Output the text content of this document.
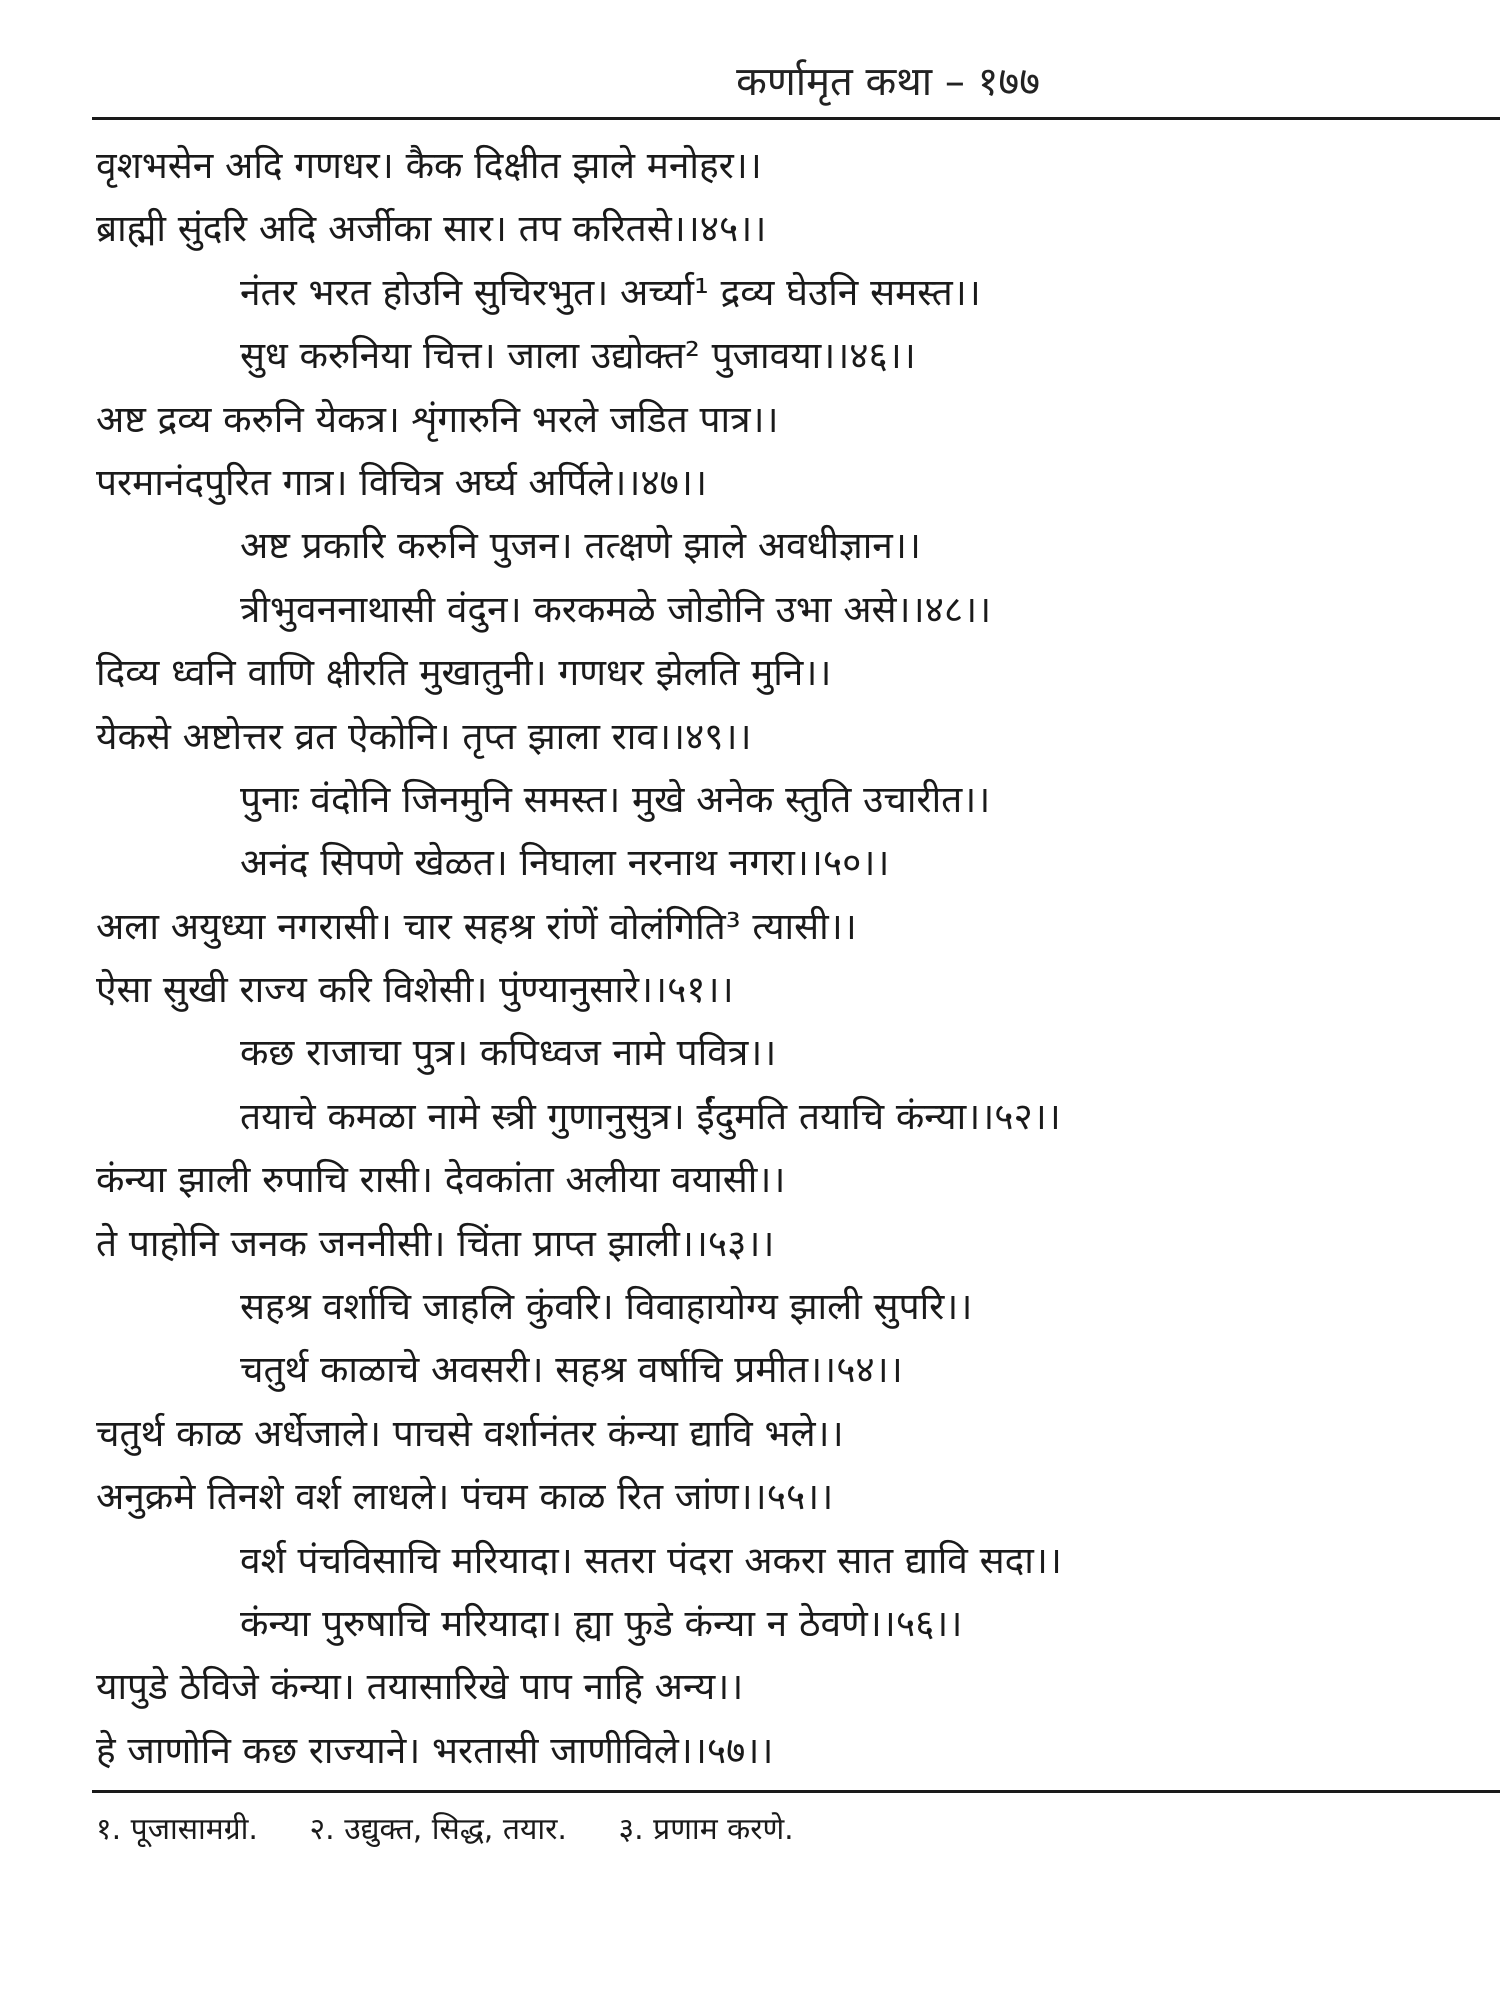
कर्णामृत कथा – १७७
वृशभसेन अदि गणधर। कैक दिक्षीत झाले मनोहर।।
ब्राह्मी सुंदरि अदि अर्जीका सार। तप करितसे।।४५।।
नंतर भरत होउनि सुचिरभुत। अर्च्या¹ द्रव्य घेउनि समस्त।।
सुध करुनिया चित्त। जाला उद्योक्त² पुजावया।।४६।।
अष्ट द्रव्य करुनि येकत्र। शृंगारुनि भरले जडित पात्र।।
परमानंदपुरित गात्र। विचित्र अर्घ्य अर्पिले।।४७।।
अष्ट प्रकारि करुनि पुजन। तत्क्षणे झाले अवधीज्ञान।।
त्रीभुवननाथासी वंदुन। करकमळे जोडोनि उभा असे।।४८।।
दिव्य ध्वनि वाणि क्षीरति मुखातुनी। गणधर झेलति मुनि।।
येकसे अष्टोत्तर व्रत ऐकोनि। तृप्त झाला राव।।४९।।
पुनाः वंदोनि जिनमुनि समस्त। मुखे अनेक स्तुति उचारीत।।
अनंद सिपणे खेळत। निघाला नरनाथ नगरा।।५०।।
अला अयुध्या नगरासी। चार सहश्र रांणें वोलंगिति³ त्यासी।।
ऐसा सुखी राज्य करि विशेसी। पुंण्यानुसारे।।५१।।
कछ राजाचा पुत्र। कपिध्वज नामे पवित्र।।
तयाचे कमळा नामे स्त्री गुणानुसुत्र। ईंदुमति तयाचि कंन्या।।५२।।
कंन्या झाली रुपाचि रासी। देवकांता अलीया वयासी।।
ते पाहोनि जनक जननीसी। चिंता प्राप्त झाली।।५३।।
सहश्र वर्शाचि जाहलि कुंवरि। विवाहायोग्य झाली सुपरि।।
चतुर्थ काळाचे अवसरी। सहश्र वर्षाचि प्रमीत।।५४।।
चतुर्थ काळ अर्धेजाले। पाचसे वर्शानंतर कंन्या द्यावि भले।।
अनुक्रमे तिनशे वर्श लाधले। पंचम काळ रित जांण।।५५।।
वर्श पंचविसाचि मरियादा। सतरा पंदरा अकरा सात द्यावि सदा।।
कंन्या पुरुषाचि मरियादा। ह्या फुडे कंन्या न ठेवणे।।५६।।
यापुडे ठेविजे कंन्या। तयासारिखे पाप नाहि अन्य।।
हे जाणोनि कछ राज्याने। भरतासी जाणीविले।।५७।।
१. पूजासामग्री. २. उद्युक्त, सिद्ध, तयार. ३. प्रणाम करणे.
